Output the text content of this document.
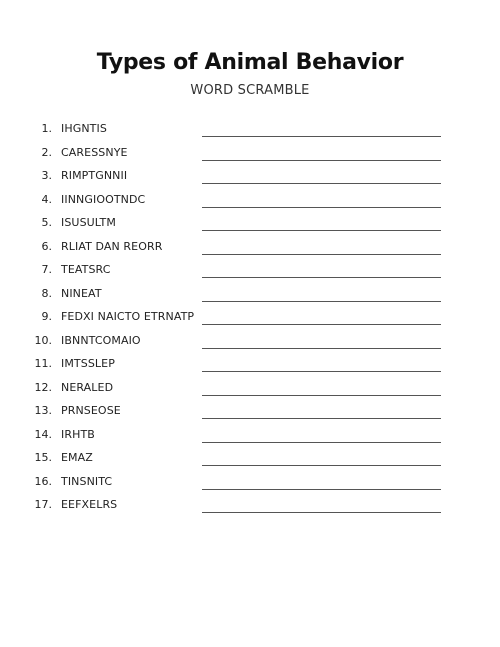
Types of Animal Behavior
WORD SCRAMBLE
1. IHGNTIS
2. CARESSNYE
3. RIMPTGNNII
4. IINNGIOOTNDC
5. ISUSULTM
6. RLIAT DAN REORR
7. TEATSRC
8. NINEAT
9. FEDXI NAICTO ETRNATP
10. IBNNTCOMAIO
11. IMTSSLEP
12. NERALED
13. PRNSEOSE
14. IRHTB
15. EMAZ
16. TINSNITC
17. EEFXELRS
